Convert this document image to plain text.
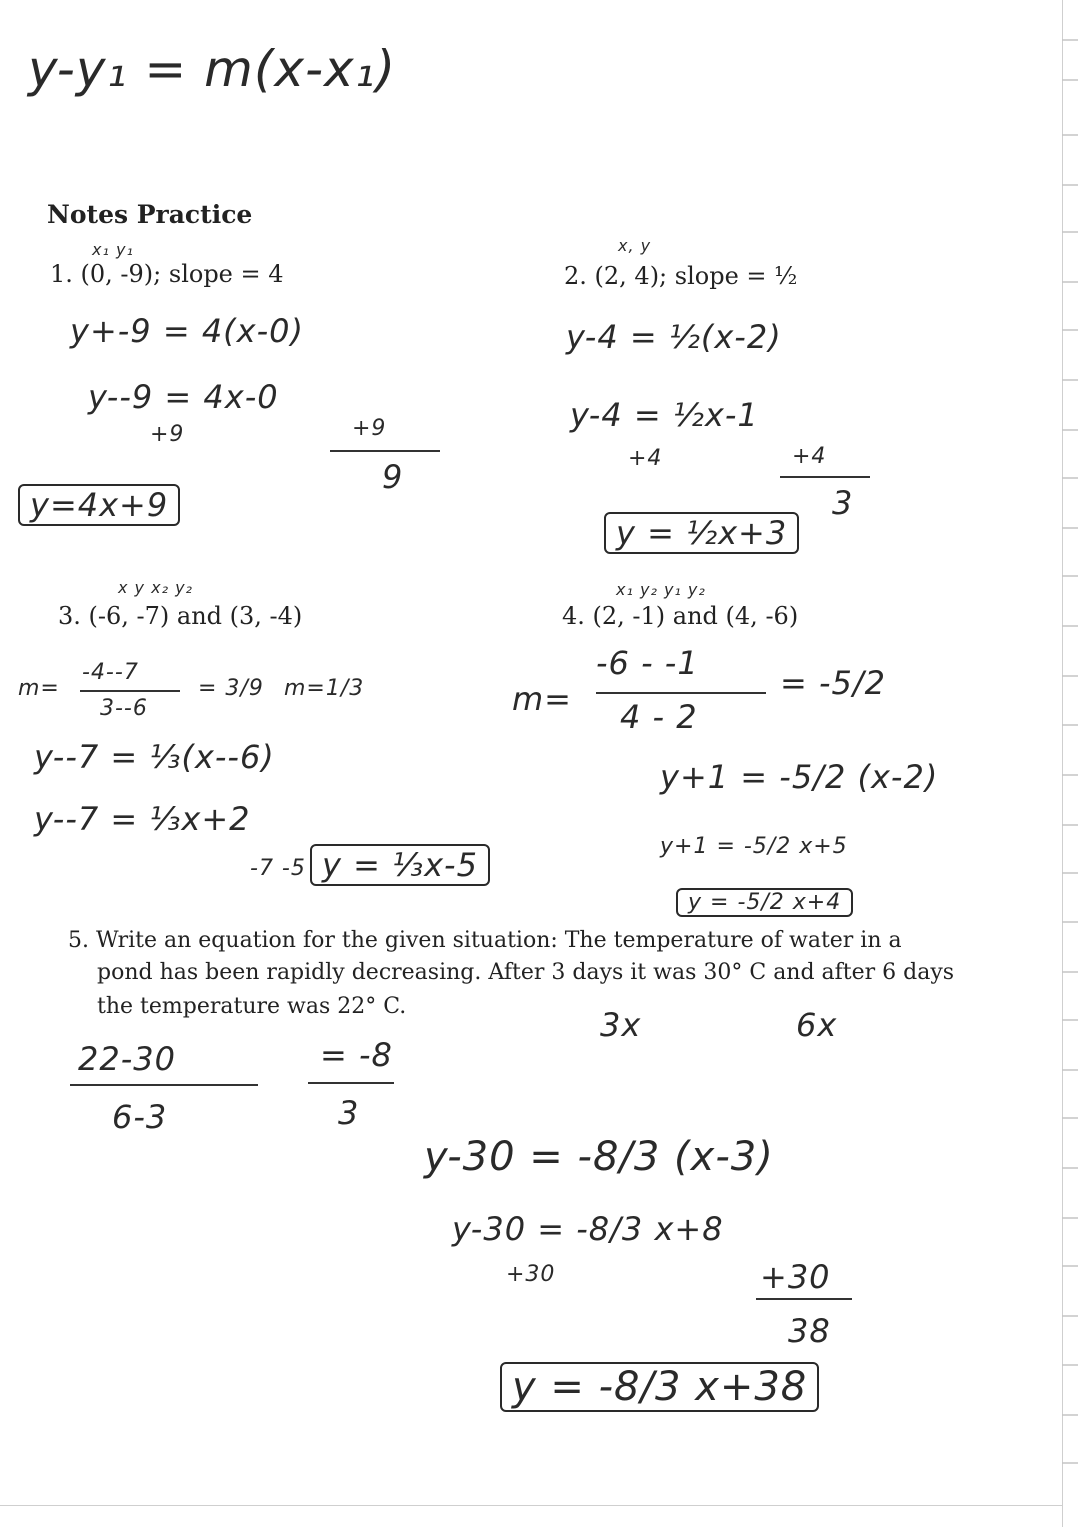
y-y₁ = m(x-x₁)
Notes Practice
x₁ y₁
1. (0, -9); slope = 4
y+-9 = 4(x-0)
y--9 = 4x-0
+9	+9
9
y=4x+9
x, y
2. (2, 4); slope = ½
y-4 = ½(x-2)
y-4 = ½x-1
+4	+4
3
y = ½x+3
x y x₂ y₂
3. (-6, -7) and (3, -4)
m=
-4--7
3--6
= 3/9 m=1/3
y--7 = ⅓(x--6)
y--7 = ⅓x+2
-7 -5 y = ⅓x-5
x₁ y₂ y₁ y₂
4. (2, -1) and (4, -6)
m=
-6 - -1
4 - 2
= -5/2
y+1 = -5/2 (x-2)
y+1 = -5/2 x+5
y = -5/2 x+4
5. Write an equation for the given situation: The temperature of water in a
pond has been rapidly decreasing. After 3 days it was 30° C and after 6 days
the temperature was 22° C.	3x	6x
22-30
6-3
= -8
3
y-30 = -8/3 (x-3)
y-30 = -8/3 x+8
+30	+30
38
y = -8/3 x+38
